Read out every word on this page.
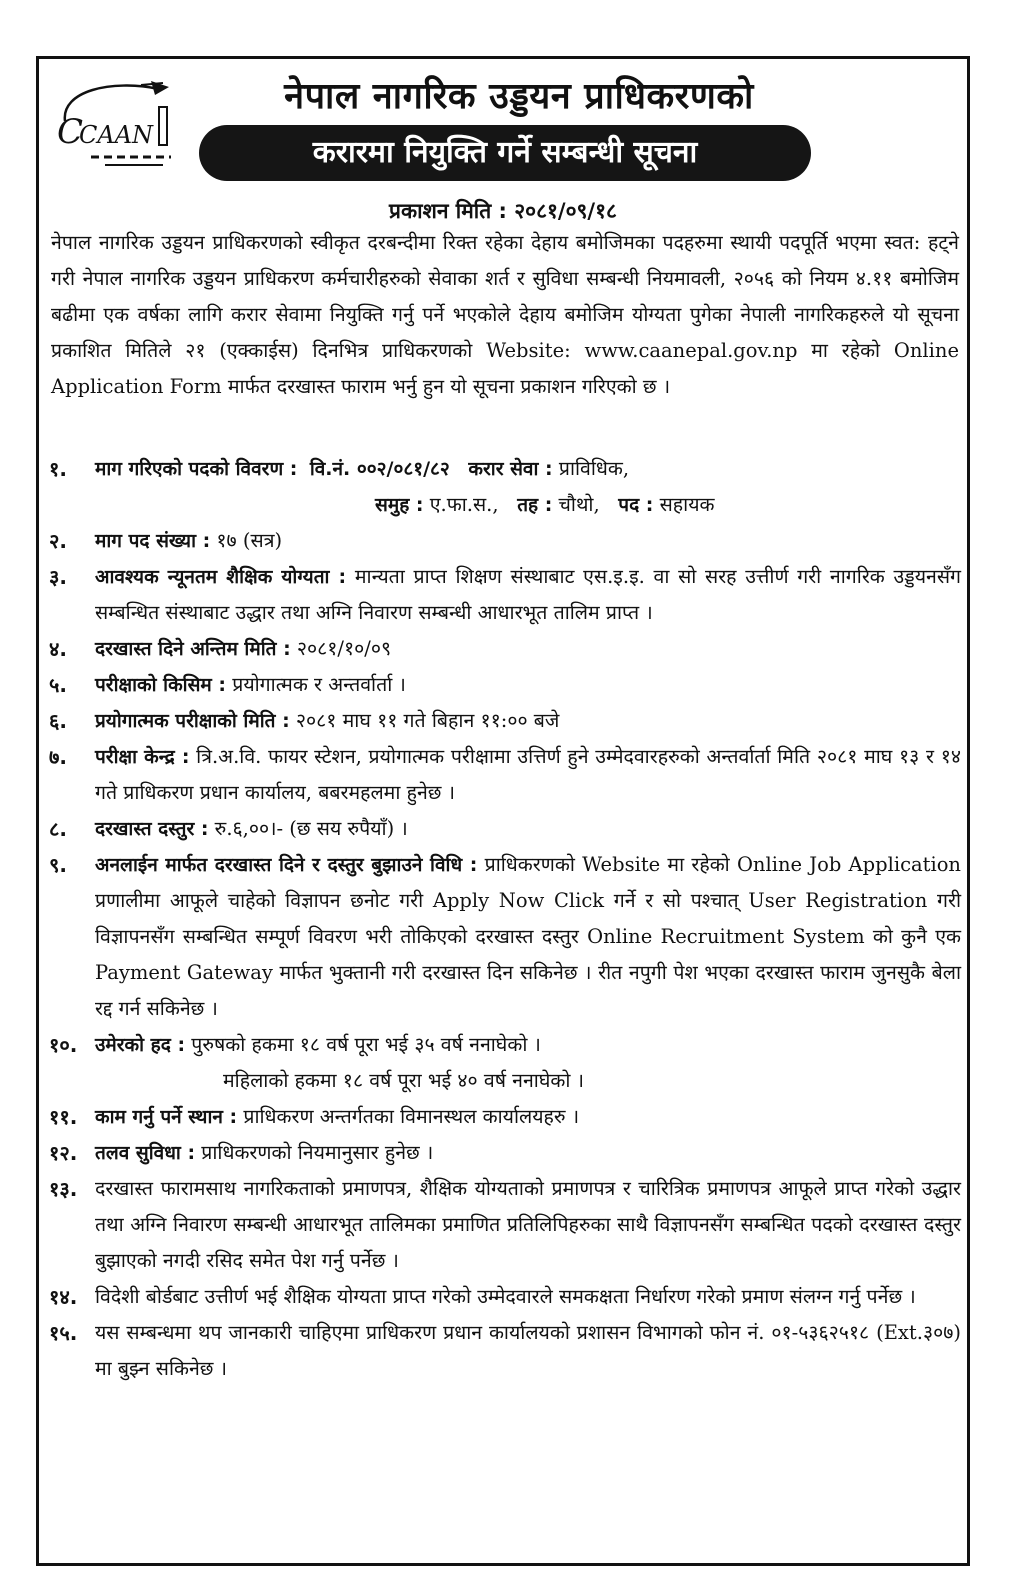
C
CAAN
नेपाल नागरिक उड्डयन प्राधिकरणको
करारमा नियुक्ति गर्ने सम्बन्धी सूचना
प्रकाशन मिति : २०८१/०९/१८
नेपाल नागरिक उड्डयन प्राधिकरणको स्वीकृत दरबन्दीमा रिक्त रहेका देहाय बमोजिमका पदहरुमा स्थायी पदपूर्ति भएमा स्वत: हट्ने गरी नेपाल नागरिक उड्डयन प्राधिकरण कर्मचारीहरुको सेवाका शर्त र सुविधा सम्बन्धी नियमावली, २०५६ को नियम ४.११ बमोजिम बढीमा एक वर्षका लागि करार सेवामा नियुक्ति गर्नु पर्ने भएकोले देहाय बमोजिम योग्यता पुगेका नेपाली नागरिकहरुले यो सूचना प्रकाशित मितिले २१ (एक्काईस) दिनभित्र प्राधिकरणको Website: www.caanepal.gov.np मा रहेको Online Application Form मार्फत दरखास्त फाराम भर्नु हुन यो सूचना प्रकाशन गरिएको छ ।
१. माग गरिएको पदको विवरण : वि.नं. ००२/०८१/८२ करार सेवा : प्राविधिक,
समुह : ए.फा.स., तह : चौथो, पद : सहायक
२. माग पद संख्या : १७ (सत्र)
३. आवश्यक न्यूनतम शैक्षिक योग्यता : मान्यता प्राप्त शिक्षण संस्थाबाट एस.इ.इ. वा सो सरह उत्तीर्ण गरी नागरिक उड्डयनसँग सम्बन्धित संस्थाबाट उद्धार तथा अग्नि निवारण सम्बन्धी आधारभूत तालिम प्राप्त ।
४. दरखास्त दिने अन्तिम मिति : २०८१/१०/०९
५. परीक्षाको किसिम : प्रयोगात्मक र अन्तर्वार्ता ।
६. प्रयोगात्मक परीक्षाको मिति : २०८१ माघ ११ गते बिहान ११:०० बजे
७. परीक्षा केन्द्र : त्रि.अ.वि. फायर स्टेशन, प्रयोगात्मक परीक्षामा उत्तिर्ण हुने उम्मेदवारहरुको अन्तर्वार्ता मिति २०८१ माघ १३ र १४ गते प्राधिकरण प्रधान कार्यालय, बबरमहलमा हुनेछ ।
८. दरखास्त दस्तुर : रु.६,००।- (छ सय रुपैयाँ) ।
९. अनलाईन मार्फत दरखास्त दिने र दस्तुर बुझाउने विधि : प्राधिकरणको Website मा रहेको Online Job Application प्रणालीमा आफूले चाहेको विज्ञापन छनोट गरी Apply Now Click गर्ने र सो पश्चात् User Registration गरी विज्ञापनसँग सम्बन्धित सम्पूर्ण विवरण भरी तोकिएको दरखास्त दस्तुर Online Recruitment System को कुनै एक Payment Gateway मार्फत भुक्तानी गरी दरखास्त दिन सकिनेछ । रीत नपुगी पेश भएका दरखास्त फाराम जुनसुकै बेला रद्द गर्न सकिनेछ ।
१०. उमेरको हद : पुरुषको हकमा १८ वर्ष पूरा भई ३५ वर्ष ननाघेको ।
महिलाको हकमा १८ वर्ष पूरा भई ४० वर्ष ननाघेको ।
११. काम गर्नु पर्ने स्थान : प्राधिकरण अन्तर्गतका विमानस्थल कार्यालयहरु ।
१२. तलव सुविधा : प्राधिकरणको नियमानुसार हुनेछ ।
१३. दरखास्त फारामसाथ नागरिकताको प्रमाणपत्र, शैक्षिक योग्यताको प्रमाणपत्र र चारित्रिक प्रमाणपत्र आफूले प्राप्त गरेको उद्धार तथा अग्नि निवारण सम्बन्धी आधारभूत तालिमका प्रमाणित प्रतिलिपिहरुका साथै विज्ञापनसँग सम्बन्धित पदको दरखास्त दस्तुर बुझाएको नगदी रसिद समेत पेश गर्नु पर्नेछ ।
१४. विदेशी बोर्डबाट उत्तीर्ण भई शैक्षिक योग्यता प्राप्त गरेको उम्मेदवारले समकक्षता निर्धारण गरेको प्रमाण संलग्न गर्नु पर्नेछ ।
१५. यस सम्बन्धमा थप जानकारी चाहिएमा प्राधिकरण प्रधान कार्यालयको प्रशासन विभागको फोन नं. ०१-५३६२५१८ (Ext.३०७) मा बुझ्न सकिनेछ ।
